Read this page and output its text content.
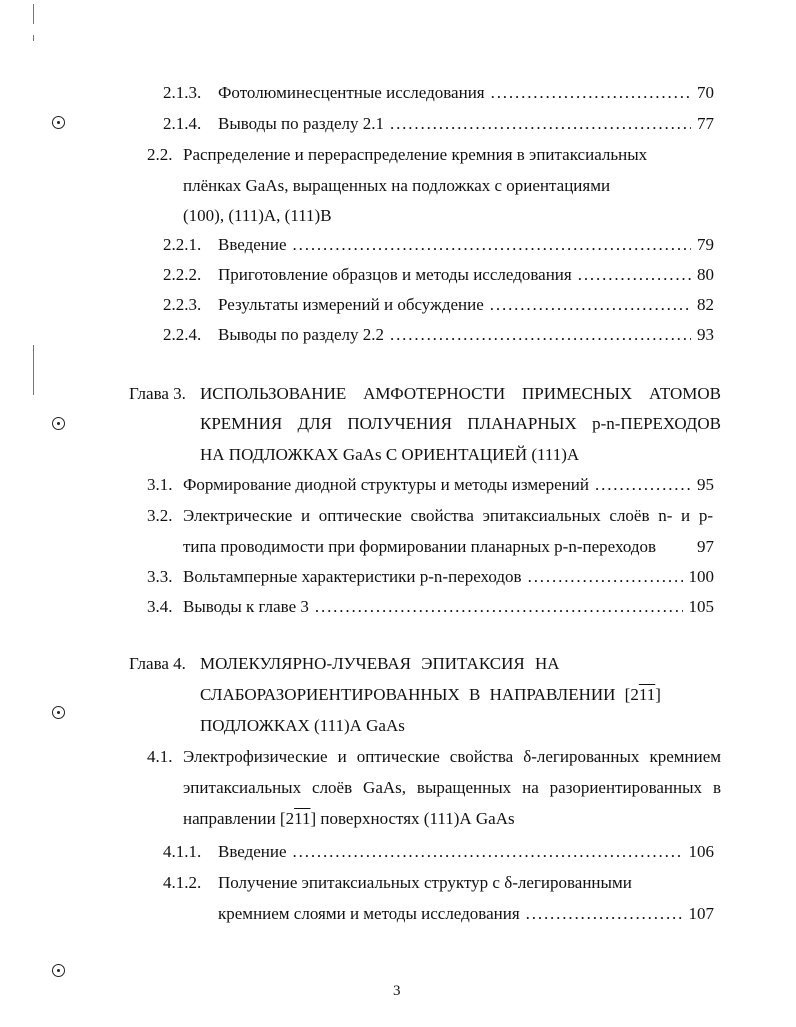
2.1.3. Фотолюминесцентные исследования . . .	70
2.1.4. Выводы по разделу 2.1 . . .	77
2.2. Распределение и перераспределение кремния в эпитаксиальных
плёнках GaAs, выращенных на подложках с ориентациями
(100), (111)А, (111)В
2.2.1. Введение . . .	79
2.2.2. Приготовление образцов и методы исследования . . .	80
2.2.3. Результаты измерений и обсуждение . . .	82
2.2.4. Выводы по разделу 2.2 . . .	93
Глава 3. ИСПОЛЬЗОВАНИЕ АМФОТЕРНОСТИ ПРИМЕСНЫХ АТОМОВ
КРЕМНИЯ ДЛЯ ПОЛУЧЕНИЯ ПЛАНАРНЫХ p-n-ПЕРЕХОДОВ
НА ПОДЛОЖКАХ GaAs С ОРИЕНТАЦИЕЙ (111)А
3.1. Формирование диодной структуры и методы измерений . . .	95
3.2. Электрические и оптические свойства эпитаксиальных слоёв n- и p-
типа проводимости при формировании планарных p-n-переходов 97
3.3. Вольтамперные характеристики p-n-переходов . . .	100
3.4. Выводы к главе 3 . . .	105
Глава 4. МОЛЕКУЛЯРНО-ЛУЧЕВАЯ ЭПИТАКСИЯ НА
СЛАБОРАЗОРИЕНТИРОВАННЫХ В НАПРАВЛЕНИИ [211]
ПОДЛОЖКАХ (111)А GaAs
4.1. Электрофизические и оптические свойства δ-легированных кремнием
эпитаксиальных слоёв GaAs, выращенных на разориентированных в
направлении [211] поверхностях (111)А GaAs
4.1.1. Введение . . .	106
4.1.2. Получение эпитаксиальных структур с δ-легированными
кремнием слоями и методы исследования . . .	107
3
